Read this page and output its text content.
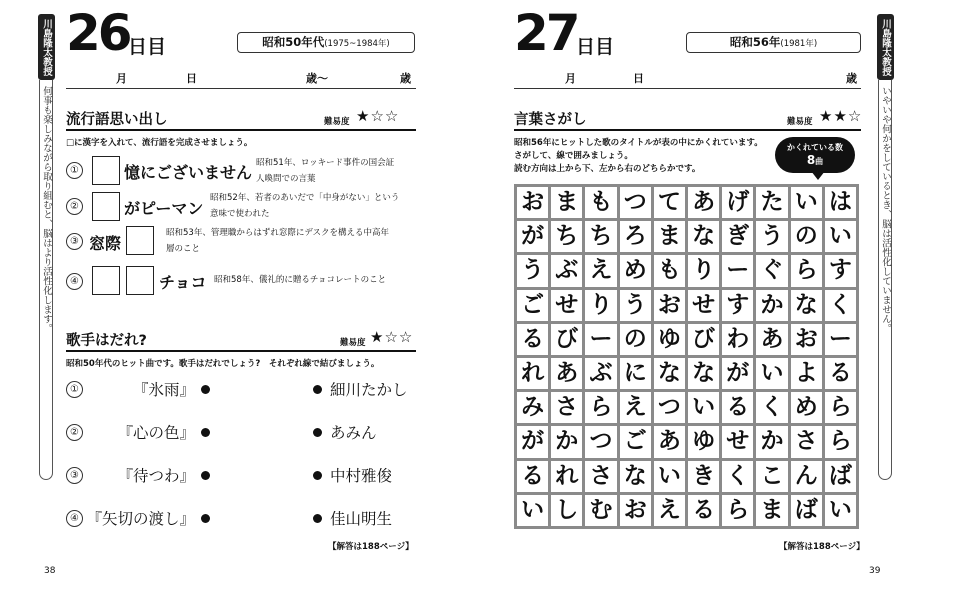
川島隆太教授から
何事も楽しみながら取り組むと、脳はより活性化します。
26
日目	昭和50年代(1975~1984年)
月	日	歳～	歳
流行語思い出し	難易度 ★☆☆
□に漢字を入れて、流行語を完成させましょう。
①	憶にございません 昭和51年、ロッキード事件の国会証
人喚問での言葉
②	がピーマン
昭和52年、若者のあいだで「中身がない」という
意味で使われた
③ 窓際
昭和53年、管理職からはずれ窓際にデスクを構える中高年
層のこと
④	チョコ 昭和58年、儀礼的に贈るチョコレートのこと
歌手はだれ?	難易度 ★☆☆
昭和50年代のヒット曲です。歌手はだれでしょう?　それぞれ線で結びましょう。
①	『氷雨』	細川たかし
② 『心の色』	あみん
③ 『待つわ』	中村雅俊
④ 『矢切の渡し』	佳山明生
【解答は188ページ】
38
27
日目	昭和56年(1981年)
月	日	歳
言葉さがし	難易度 ★★☆
昭和56年にヒットした歌のタイトルが表の中にかくれています。
さがして、線で囲みましょう。
読む方向は上から下、左から右のどちらかです。
かくれている数
8曲
お ま も つ て あ げ た い は
が ち ち ろ ま な ぎ う の い
う ぶ え め も り ー ぐ ら す
ご せ り う お せ す か な く
る び ー の ゆ び わ あ お ー
れ あ ぶ に な な が い よ る
み さ ら え つ い る く め ら
が か つ ご あ ゆ せ か さ ら
る れ さ な い き く こ ん ば
い し む お え る ら ま ば い
【解答は188ページ】
39
川島隆太教授から
いやいや何かをしているとき、脳は活性化していません。
